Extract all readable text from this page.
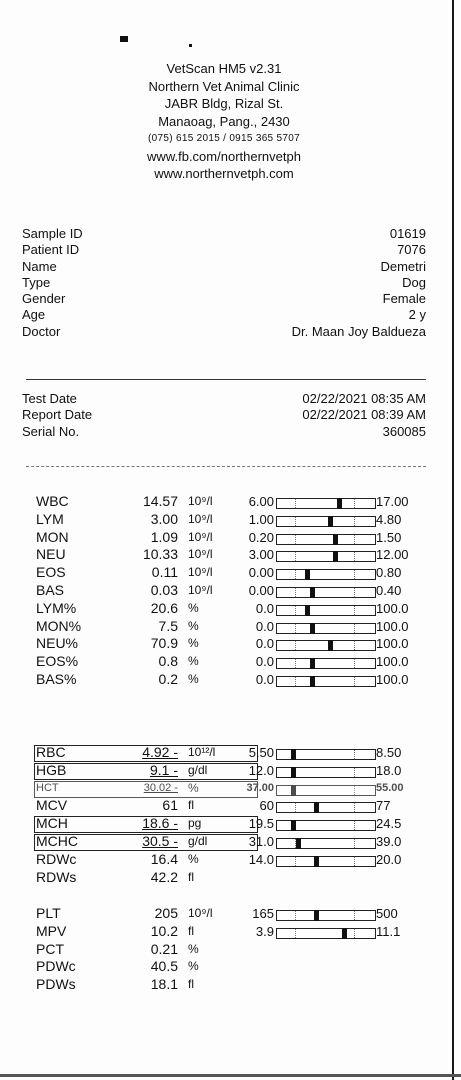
VetScan HM5 v2.31
Northern Vet Animal Clinic
JABR Bldg, Rizal St.
Manaoag, Pang., 2430
(075) 615 2015 / 0915 365 5707
www.fb.com/northernvetph
www.northernvetph.com
Sample ID	01619
Patient ID	7076
Name	Demetri
Type	Dog
Gender	Female
Age	2 y
Doctor	Dr. Maan Joy Baldueza
Test Date	02/22/2021 08:35 AM
Report Date	02/22/2021 08:39 AM
Serial No.	360085
WBC	14.57 10⁹/l	6.00	17.00
LYM	3.00 10⁹/l	1.00	4.80
MON	1.09 10⁹/l	0.20	1.50
NEU	10.33 10⁹/l	3.00	12.00
EOS	0.11 10⁹/l	0.00	0.80
BAS	0.03 10⁹/l	0.00	0.40
LYM%	20.6 %	0.0	100.0
MON%	7.5 %	0.0	100.0
NEU%	70.9 %	0.0	100.0
EOS%	0.8 %	0.0	100.0
BAS%	0.2 %	0.0	100.0
RBC	4.92 - 10¹²/l	5.50	8.50
HGB	9.1 - g/dl	12.0	18.0
HCT	30.02 - %	37.00	55.00
MCV	61 fl	60	77
MCH	18.6 - pg	19.5	24.5
MCHC	30.5 - g/dl	31.0	39.0
RDWc	16.4 %	14.0	20.0
RDWs	42.2 fl
PLT	205 10⁹/l	165	500
MPV	10.2 fl	3.9	11.1
PCT	0.21 %
PDWc	40.5 %
PDWs	18.1 fl
